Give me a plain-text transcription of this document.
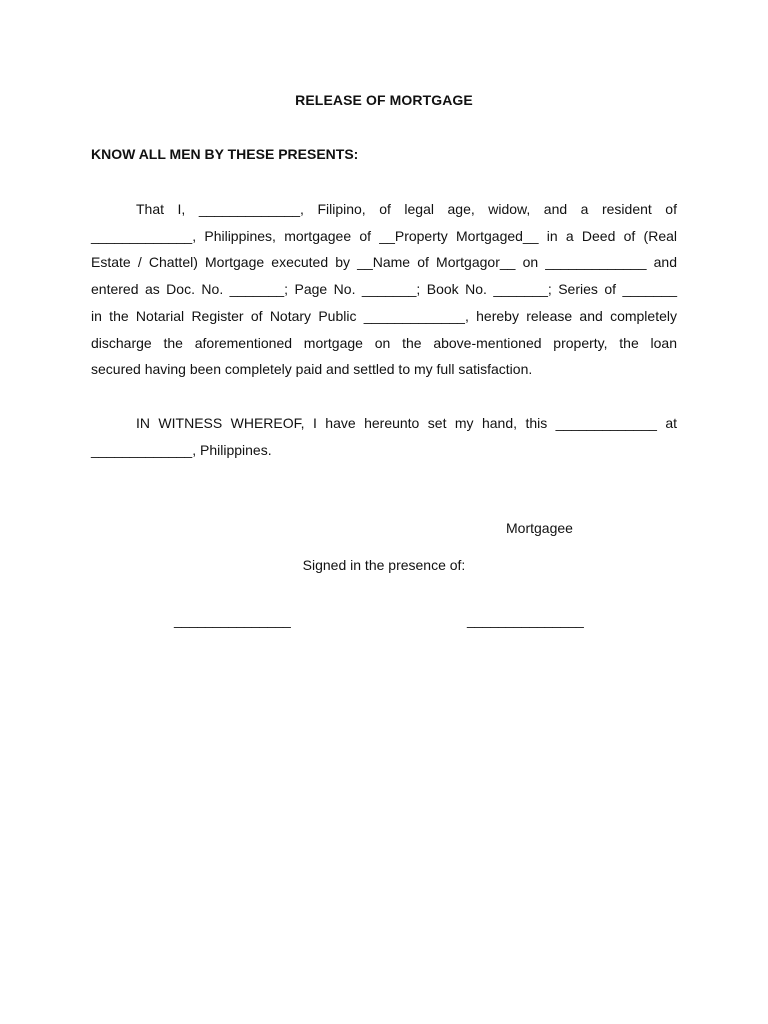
RELEASE OF MORTGAGE
KNOW ALL MEN BY THESE PRESENTS:
That I, _____________, Filipino, of legal age, widow, and a resident of
_____________, Philippines, mortgagee of __Property Mortgaged__ in a Deed of (Real
Estate / Chattel) Mortgage executed by __Name of Mortgagor__ on _____________ and
entered as Doc. No. _______; Page No. _______; Book No. _______; Series of _______
in the Notarial Register of Notary Public _____________, hereby release and completely
discharge the aforementioned mortgage on the above-mentioned property, the loan
secured having been completely paid and settled to my full satisfaction.
IN WITNESS WHEREOF, I have hereunto set my hand, this _____________ at
_____________, Philippines.
Mortgagee
Signed in the presence of:
_______________	_______________
